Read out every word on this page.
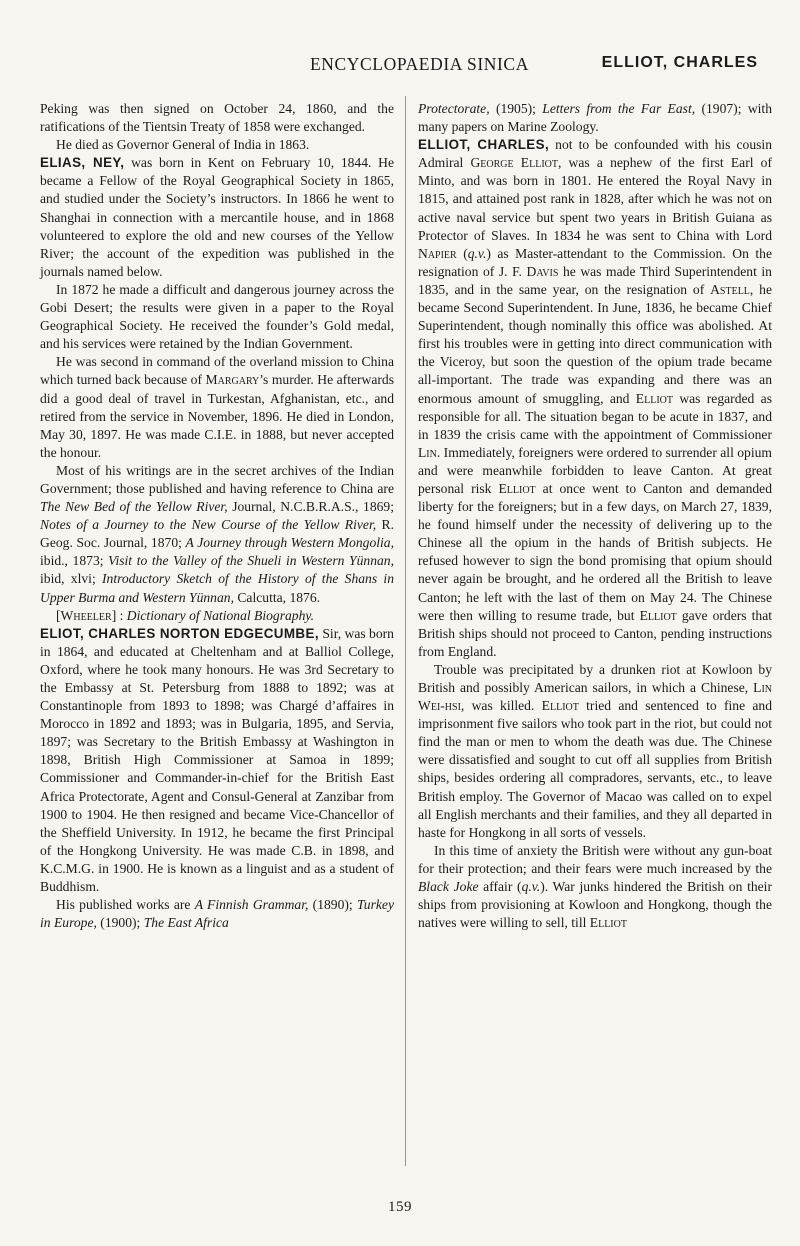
ENCYCLOPAEDIA SINICA	ELLIOT, CHARLES

Peking was then signed on October 24, 1860, and the ratifications of the Tientsin Treaty of 1858 were exchanged.

He died as Governor General of India in 1863.

ELIAS, NEY, was born in Kent on February 10, 1844. He became a Fellow of the Royal Geographical Society in 1865, and studied under the Society’s instructors. In 1866 he went to Shanghai in connection with a mercantile house, and in 1868 volunteered to explore the old and new courses of the Yellow River; the account of the expedition was published in the journals named below.

In 1872 he made a difficult and dangerous journey across the Gobi Desert; the results were given in a paper to the Royal Geographical Society. He received the founder’s Gold medal, and his services were retained by the Indian Government.

He was second in command of the overland mission to China which turned back because of Margary’s murder. He afterwards did a good deal of travel in Turkestan, Afghanistan, etc., and retired from the service in November, 1896. He died in London, May 30, 1897. He was made C.I.E. in 1888, but never accepted the honour.

Most of his writings are in the secret archives of the Indian Government; those published and having reference to China are The New Bed of the Yellow River, Journal, N.C.B.R.A.S., 1869; Notes of a Journey to the New Course of the Yellow River, R. Geog. Soc. Journal, 1870; A Journey through Western Mongolia, ibid., 1873; Visit to the Valley of the Shueli in Western Yünnan, ibid, xlvi; Introductory Sketch of the History of the Shans in Upper Burma and Western Yünnan, Calcutta, 1876.

[Wheeler] : Dictionary of National Biography.

ELIOT, CHARLES NORTON EDGECUMBE, Sir, was born in 1864, and educated at Cheltenham and at Balliol College, Oxford, where he took many honours. He was 3rd Secretary to the Embassy at St. Petersburg from 1888 to 1892; was at Constantinople from 1893 to 1898; was Chargé d’affaires in Morocco in 1892 and 1893; was in Bulgaria, 1895, and Servia, 1897; was Secretary to the British Embassy at Washington in 1898, British High Commissioner at Samoa in 1899; Commissioner and Commander-in-chief for the British East Africa Protectorate, Agent and Consul-General at Zanzibar from 1900 to 1904. He then resigned and became Vice-Chancellor of the Sheffield University. In 1912, he became the first Principal of the Hongkong University. He was made C.B. in 1898, and K.C.M.G. in 1900. He is known as a linguist and as a student of Buddhism.

His published works are A Finnish Grammar, (1890); Turkey in Europe, (1900); The East Africa

Protectorate, (1905); Letters from the Far East, (1907); with many papers on Marine Zoology.

ELLIOT, CHARLES, not to be confounded with his cousin Admiral George Elliot, was a nephew of the first Earl of Minto, and was born in 1801. He entered the Royal Navy in 1815, and attained post rank in 1828, after which he was not on active naval service but spent two years in British Guiana as Protector of Slaves. In 1834 he was sent to China with Lord Napier (q.v.) as Master-attendant to the Commission. On the resignation of J. F. Davis he was made Third Superintendent in 1835, and in the same year, on the resignation of Astell, he became Second Superintendent. In June, 1836, he became Chief Superintendent, though nominally this office was abolished. At first his troubles were in getting into direct communication with the Viceroy, but soon the question of the opium trade became all-important. The trade was expanding and there was an enormous amount of smuggling, and Elliot was regarded as responsible for all. The situation began to be acute in 1837, and in 1839 the crisis came with the appointment of Commissioner Lin. Immediately, foreigners were ordered to surrender all opium and were meanwhile forbidden to leave Canton. At great personal risk Elliot at once went to Canton and demanded liberty for the foreigners; but in a few days, on March 27, 1839, he found himself under the necessity of delivering up to the Chinese all the opium in the hands of British subjects. He refused however to sign the bond promising that opium should never again be brought, and he ordered all the British to leave Canton; he left with the last of them on May 24. The Chinese were then willing to resume trade, but Elliot gave orders that British ships should not proceed to Canton, pending instructions from England.

Trouble was precipitated by a drunken riot at Kowloon by British and possibly American sailors, in which a Chinese, Lin Wei-hsi, was killed. Elliot tried and sentenced to fine and imprisonment five sailors who took part in the riot, but could not find the man or men to whom the death was due. The Chinese were dissatisfied and sought to cut off all supplies from British ships, besides ordering all compradores, servants, etc., to leave British employ. The Governor of Macao was called on to expel all English merchants and their families, and they all departed in haste for Hongkong in all sorts of vessels.

In this time of anxiety the British were without any gun-boat for their protection; and their fears were much increased by the Black Joke affair (q.v.). War junks hindered the British on their ships from provisioning at Kowloon and Hongkong, though the natives were willing to sell, till Elliot

159
